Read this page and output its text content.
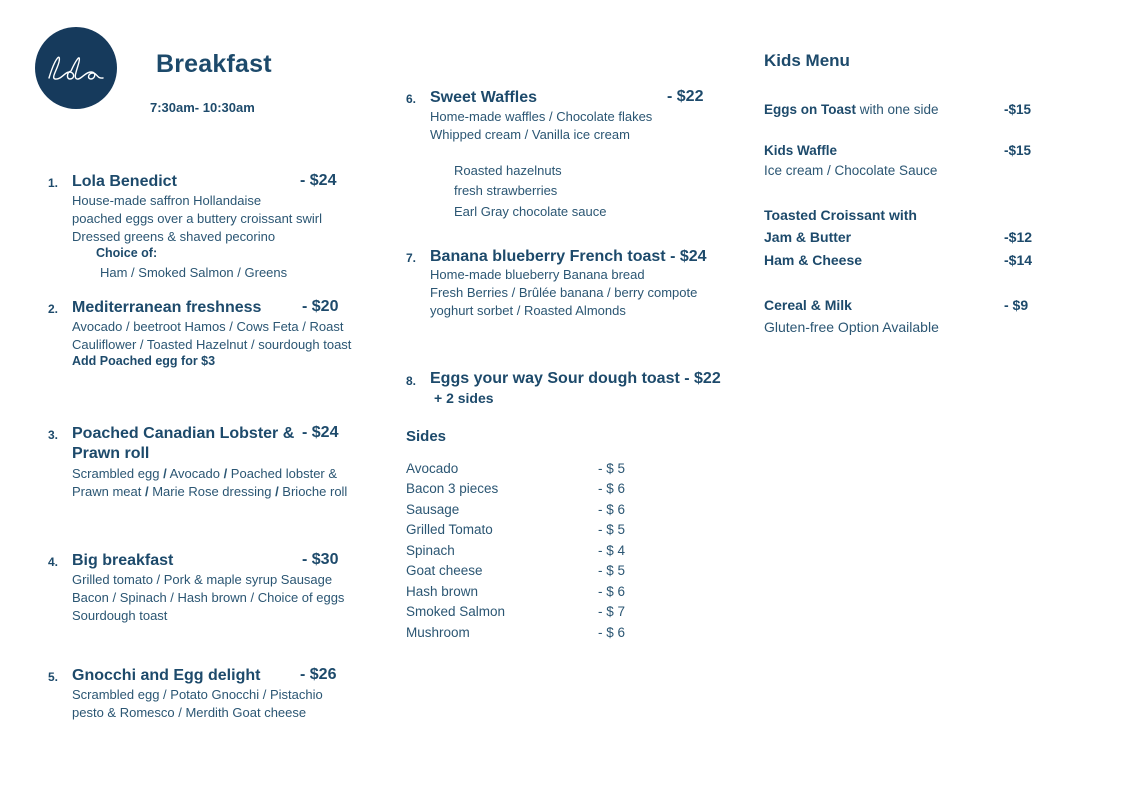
Breakfast
7:30am- 10:30am
1. Lola Benedict	- $24
House-made saffron Hollandaise
poached eggs over a buttery croissant swirl
Dressed greens & shaved pecorino
Choice of:
Ham / Smoked Salmon / Greens
2. Mediterranean freshness	- $20
Avocado / beetroot Hamos / Cows Feta / Roast
Cauliflower / Toasted Hazelnut / sourdough toast
Add Poached egg for $3
3. Poached Canadian Lobster &
Prawn roll
- $24
Scrambled egg / Avocado / Poached lobster &
Prawn meat / Marie Rose dressing / Brioche roll
4. Big breakfast	- $30
Grilled tomato / Pork & maple syrup Sausage
Bacon / Spinach / Hash brown / Choice of eggs
Sourdough toast
5. Gnocchi and Egg delight - $26
Scrambled egg / Potato Gnocchi / Pistachio
pesto & Romesco / Merdith Goat cheese
6. Sweet Waffles	- $22
Home-made waffles / Chocolate flakes
Whipped cream / Vanilla ice cream
Roasted hazelnuts
fresh strawberries
Earl Gray chocolate sauce
7. Banana blueberry French toast - $24
Home-made blueberry Banana bread
Fresh Berries / Brûlée banana / berry compote
yoghurt sorbet / Roasted Almonds
8. Eggs your way Sour dough toast - $22
+ 2 sides
Sides
Avocado	- $ 5
Bacon 3 pieces	- $ 6
Sausage	- $ 6
Grilled Tomato	- $ 5
Spinach	- $ 4
Goat cheese	- $ 5
Hash brown	- $ 6
Smoked Salmon	- $ 7
Mushroom	- $ 6
Kids Menu
Eggs on Toast with one side	-$15
Kids Waffle	-$15
Ice cream / Chocolate Sauce
Toasted Croissant with
Jam & Butter	-$12
Ham & Cheese	-$14
Cereal & Milk	- $9
Gluten-free Option Available
